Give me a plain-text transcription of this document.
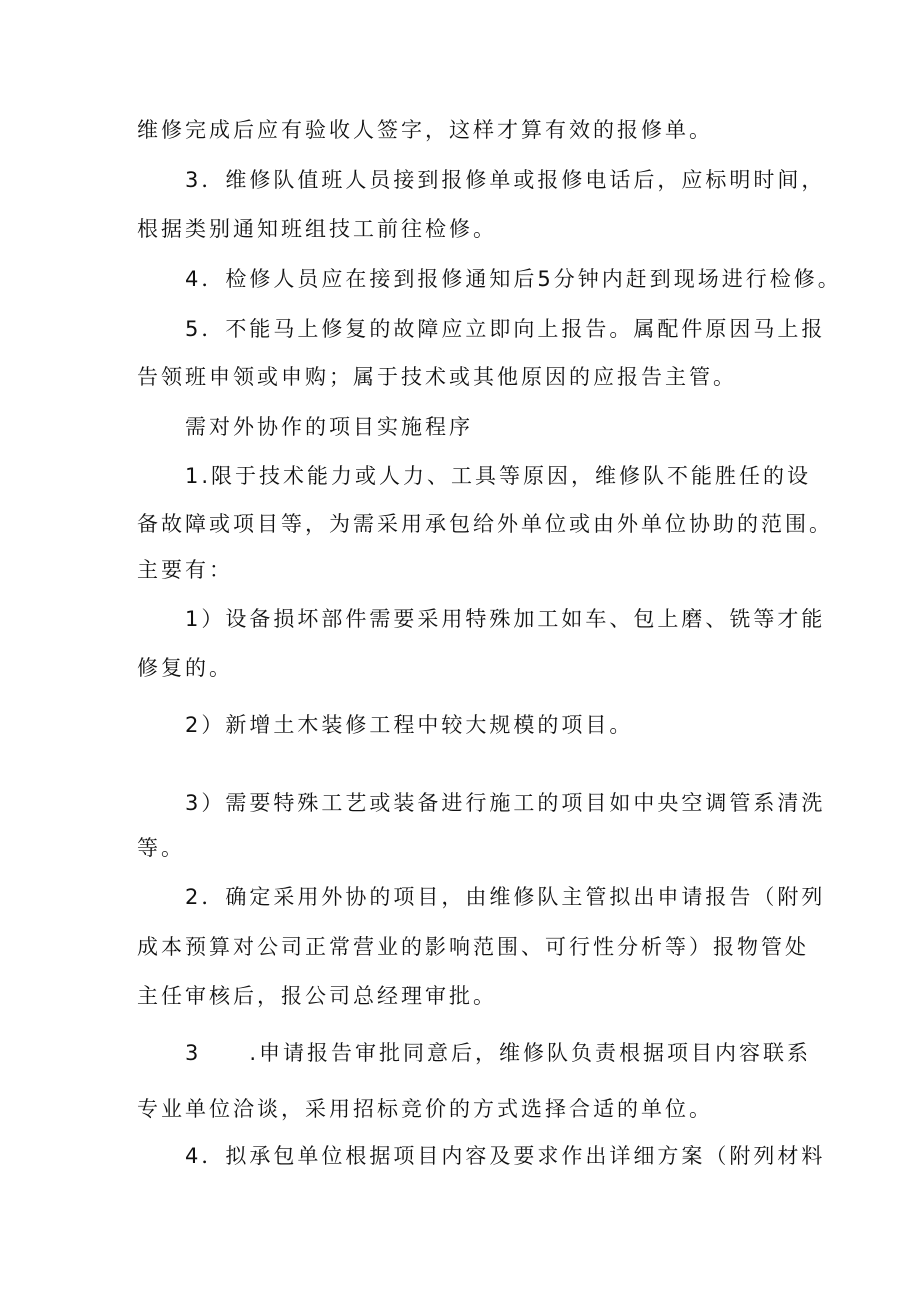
维修完成后应有验收人签字，这样才算有效的报修单。
3．维修队值班人员接到报修单或报修电话后，应标明时间，
根据类别通知班组技工前往检修。
4．检修人员应在接到报修通知后5分钟内赶到现场进行检修。
5．不能马上修复的故障应立即向上报告。属配件原因马上报
告领班申领或申购；属于技术或其他原因的应报告主管。
需对外协作的项目实施程序
1.限于技术能力或人力、工具等原因，维修队不能胜任的设
备故障或项目等，为需采用承包给外单位或由外单位协助的范围。
主要有：
1）设备损坏部件需要采用特殊加工如车、包上磨、铣等才能
修复的。
2）新增土木装修工程中较大规模的项目。
3）需要特殊工艺或装备进行施工的项目如中央空调管系清洗
等。
2．确定采用外协的项目，由维修队主管拟出申请报告（附列
成本预算对公司正常营业的影响范围、可行性分析等）报物管处
主任审核后，报公司总经理审批。
3　　.申请报告审批同意后，维修队负责根据项目内容联系
专业单位洽谈，采用招标竞价的方式选择合适的单位。
4．拟承包单位根据项目内容及要求作出详细方案（附列材料
